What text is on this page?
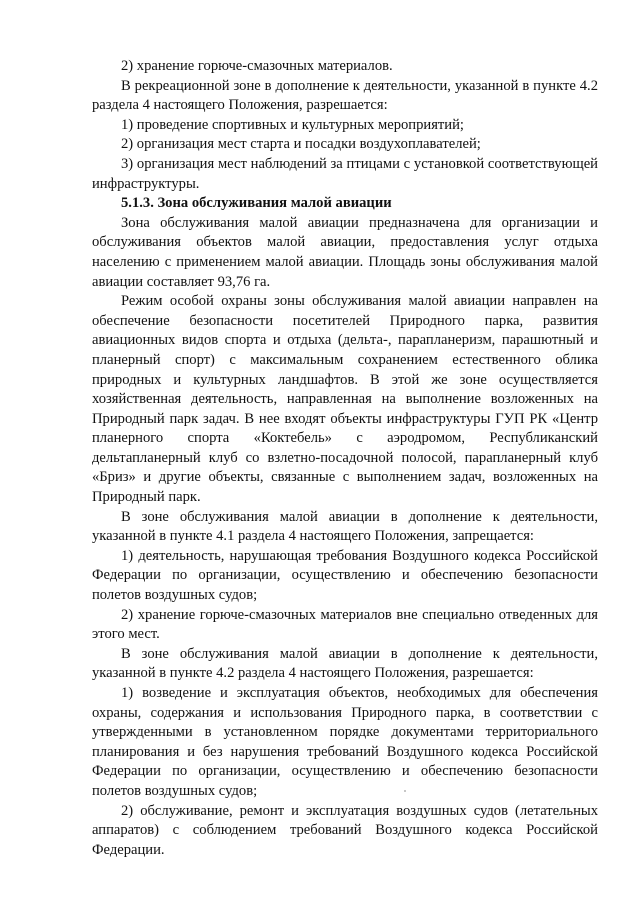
2) хранение горюче-смазочных материалов.

В рекреационной зоне в дополнение к деятельности, указанной в пункте 4.2 раздела 4 настоящего Положения, разрешается:

1) проведение спортивных и культурных мероприятий;

2) организация мест старта и посадки воздухоплавателей;

3) организация мест наблюдений за птицами с установкой соответствующей инфраструктуры.

5.1.3. Зона обслуживания малой авиации

Зона обслуживания малой авиации предназначена для организации и обслуживания объектов малой авиации, предоставления услуг отдыха населению с применением малой авиации. Площадь зоны обслуживания малой авиации составляет 93,76 га.

Режим особой охраны зоны обслуживания малой авиации направлен на обеспечение безопасности посетителей Природного парка, развития авиационных видов спорта и отдыха (дельта-, парапланеризм, парашютный и планерный спорт) с максимальным сохранением естественного облика природных и культурных ландшафтов. В этой же зоне осуществляется хозяйственная деятельность, направленная на выполнение возложенных на Природный парк задач. В нее входят объекты инфраструктуры ГУП РК «Центр планерного спорта «Коктебель» с аэродромом, Республиканский дельтапланерный клуб со взлетно-посадочной полосой, парапланерный клуб «Бриз» и другие объекты, связанные с выполнением задач, возложенных на Природный парк.

В зоне обслуживания малой авиации в дополнение к деятельности, указанной в пункте 4.1 раздела 4 настоящего Положения, запрещается:

1) деятельность, нарушающая требования Воздушного кодекса Российской Федерации по организации, осуществлению и обеспечению безопасности полетов воздушных судов;

2) хранение горюче-смазочных материалов вне специально отведенных для этого мест.

В зоне обслуживания малой авиации в дополнение к деятельности, указанной в пункте 4.2 раздела 4 настоящего Положения, разрешается:

1) возведение и эксплуатация объектов, необходимых для обеспечения охраны, содержания и использования Природного парка, в соответствии с утвержденными в установленном порядке документами территориального планирования и без нарушения требований Воздушного кодекса Российской Федерации по организации, осуществлению и обеспечению безопасности полетов воздушных судов;

2) обслуживание, ремонт и эксплуатация воздушных судов (летательных аппаратов) с соблюдением требований Воздушного кодекса Российской Федерации.
